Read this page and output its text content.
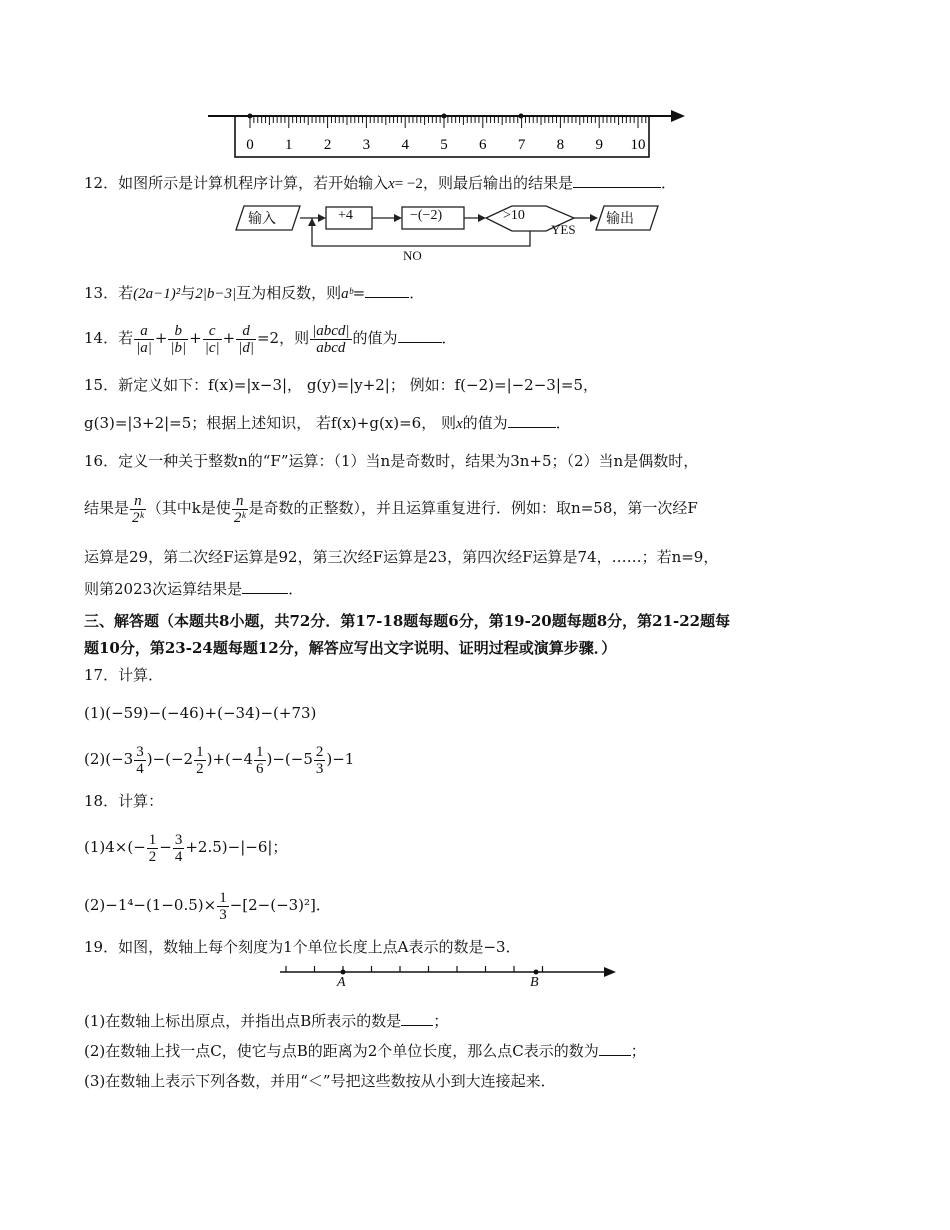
0 1 2 3 4 5 6 7 8 9 10
12．如图所示是计算机程序计算，若开始输入x= −2，则最后输出的结果是	．
输入	+4	−(−2)	>10	输出
YES
NO
13．若(2a−1)²与2|b−3|互为相反数，则aᵇ=	．
14．若 $\frac{a}{|a|} + \frac{b}{|b|} + \frac{c}{|c|} + \frac{d}{|d|} =2$，则 $\frac{\text{|abcd|}}{\text{abcd}}$ 的值为	．
15．新定义如下：f(x)=|x−3|， g(y)=|y+2|； 例如：f(−2)=|−2−3|=5，
g(3)=|3+2|=5；根据上述知识， 若f(x)+g(x)=6， 则x的值为	．
16．定义一种关于整数n的“F”运算：（1）当n是奇数时，结果为3n+5；（2）当n是偶数时，
结果是 $\frac{n}{\text{2ᵏ}}$ （其中k是使 $\frac{n}{\text{2ᵏ}}$ 是奇数的正整数），并且运算重复进行．例如：取n=58，第一次经F
运算是29，第二次经F运算是92，第三次经F运算是23，第四次经F运算是74，……；若n=9，
则第2023次运算结果是	．
三、解答题（本题共8小题，共72分．第17-18题每题6分，第19-20题每题8分，第21-22题每
题10分，第23-24题每题12分，解答应写出文字说明、证明过程或演算步骤．）
17．计算．
(1)(−59)−(−46)+(−34)−(+73)
$(2)(-3 \frac{3}{4} )-(-2 \frac{1}{2} )+(-4 \frac{1}{6} )-(-5 \frac{2}{3} )-1$
18．计算：
$(1)4\times(- \frac{1}{2} - \frac{3}{4} +2.5)-|-6|$；
$(2)-1^4-(1-0.5)\times \frac{1}{3} -[2-(-3)^2]$．
19．如图，数轴上每个刻度为1个单位长度上点A表示的数是−3．
A	B
(1)在数轴上标出原点，并指出点B所表示的数是 ；
(2)在数轴上找一点C，使它与点B的距离为2个单位长度，那么点C表示的数为 ；
(3)在数轴上表示下列各数，并用“＜”号把这些数按从小到大连接起来．
